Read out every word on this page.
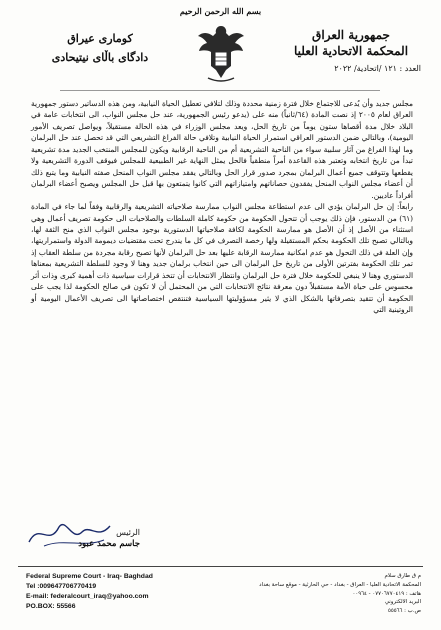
بسم الله الرحمن الرحيم
جمهورية العراق
المحكمة الاتحادية العليا
العدد : ١٢١ /اتحادية/ ٢٠٢٢
كومارى عيراق
دادگاى باڵاى نيتيحادى

مجلس جديد وأن يُدعى للاجتماع خلال فترة زمنية محددة وذلك لتلافي تعطيل الحياة النيابية، ومن هذه الدساتير دستور جمهورية العراق لعام ٢٠٠٥ إذ نصت المادة (٦٤/ثانياً) منه على (يدعو رئيس الجمهورية، عند حل مجلس النواب، الى انتخابات عامة في البلاد خلال مدة أقصاها ستون يوماً من تاريخ الحل، ويعد مجلس الوزراء في هذه الحالة مستقيلاً، ويواصل تصريف الأمور اليومية)، وبالتالي ضمن الدستور العراقي استمرار الحياة النيابية وتلافي حالة الفراغ التشريعي التي قد تحصل عند حل البرلمان وما لهذا الفراغ من آثار سلبية سواء من الناحية التشريعية أم من الناحية الرقابية ويكون للمجلس المنتخب الجديد مدة تشريعية تبدأ من تاريخ انتخابه وتعتبر هذه القاعدة أمراً منطقياً فالحل يمثل النهاية غير الطبيعية للمجلس فيوقف الدورة التشريعية ولا يقطعها وتتوقف جميع أعمال البرلمان بمجرد صدور قرار الحل وبالتالي يفقد مجلس النواب المنحل صفته النيابية وما يتبع ذلك أن أعضاء مجلس النواب المنحل يفقدون حصاناتهم وامتيازاتهم التي كانوا يتمتعون بها قبل حل المجلس ويصبح أعضاء البرلمان أفراداً عاديين.

رابعاً: إن حل البرلمان يؤدي الى عدم استطاعة مجلس النواب ممارسة صلاحياته التشريعية والرقابية وفقاً لما جاء في المادة (٦١) من الدستور، فإن ذلك يوجب أن تتحول الحكومة من حكومة كاملة السلطات والصلاحيات الى حكومة تصريف أعمال وهي استثناء من الأصل إذ أن الأصل هو ممارسة الحكومة لكافة صلاحياتها الدستورية بوجود مجلس النواب الذي منح الثقة لها، وبالتالي تصبح تلك الحكومة بحكم المستقيلة ولها رخصة التصرف في كل ما يندرج تحت مقتضيات ديمومة الدولة واستمراريتها، وإن العلة في ذلك التحول هو عدم امكانية ممارسة الرقابة عليها بعد حل البرلمان لأنها تصبح رقابة مجردة من سلطة العقاب إذ تمر تلك الحكومة بفترتين الأولى من تاريخ حل البرلمان الى حين انتخاب برلمان جديد وهنا لا وجود للسلطة التشريعية بمعناها الدستوري وهنا لا ينبغي للحكومة خلال فترة حل البرلمان وانتظار الانتخابات أن تتخذ قرارات سياسية ذات أهمية كبرى وذات أثر محسوس على حياة الأمة مستقبلاً دون معرفة نتائج الانتخابات التي من المحتمل أن لا تكون في صالح الحكومة لذا يجب على الحكومة أن تتقيد بتصرفاتها بالشكل الذي لا يثير مسؤوليتها السياسية فتنتقص اختصاصاتها الى تصريف الأعمال اليومية أو الروتينية التي

الرئيس
جاسم محمد عبود
Federal Supreme Court - Iraq- Baghdad
Tel :009647706770419
E-mail: federalcourt_iraq@yahoo.com
PO.BOX: 55566
م ق طارق سلام
المحكمة الاتحادية العليا - العراق - بغداد - حي الحارثية - موقع ساحة بغداد
هاتف : ٠٧٧٠٦٧٧٠٤١٩ - ٠٠٩٦٤
البريد الالكتروني
ص.ب : ٥٥٥٦٦
